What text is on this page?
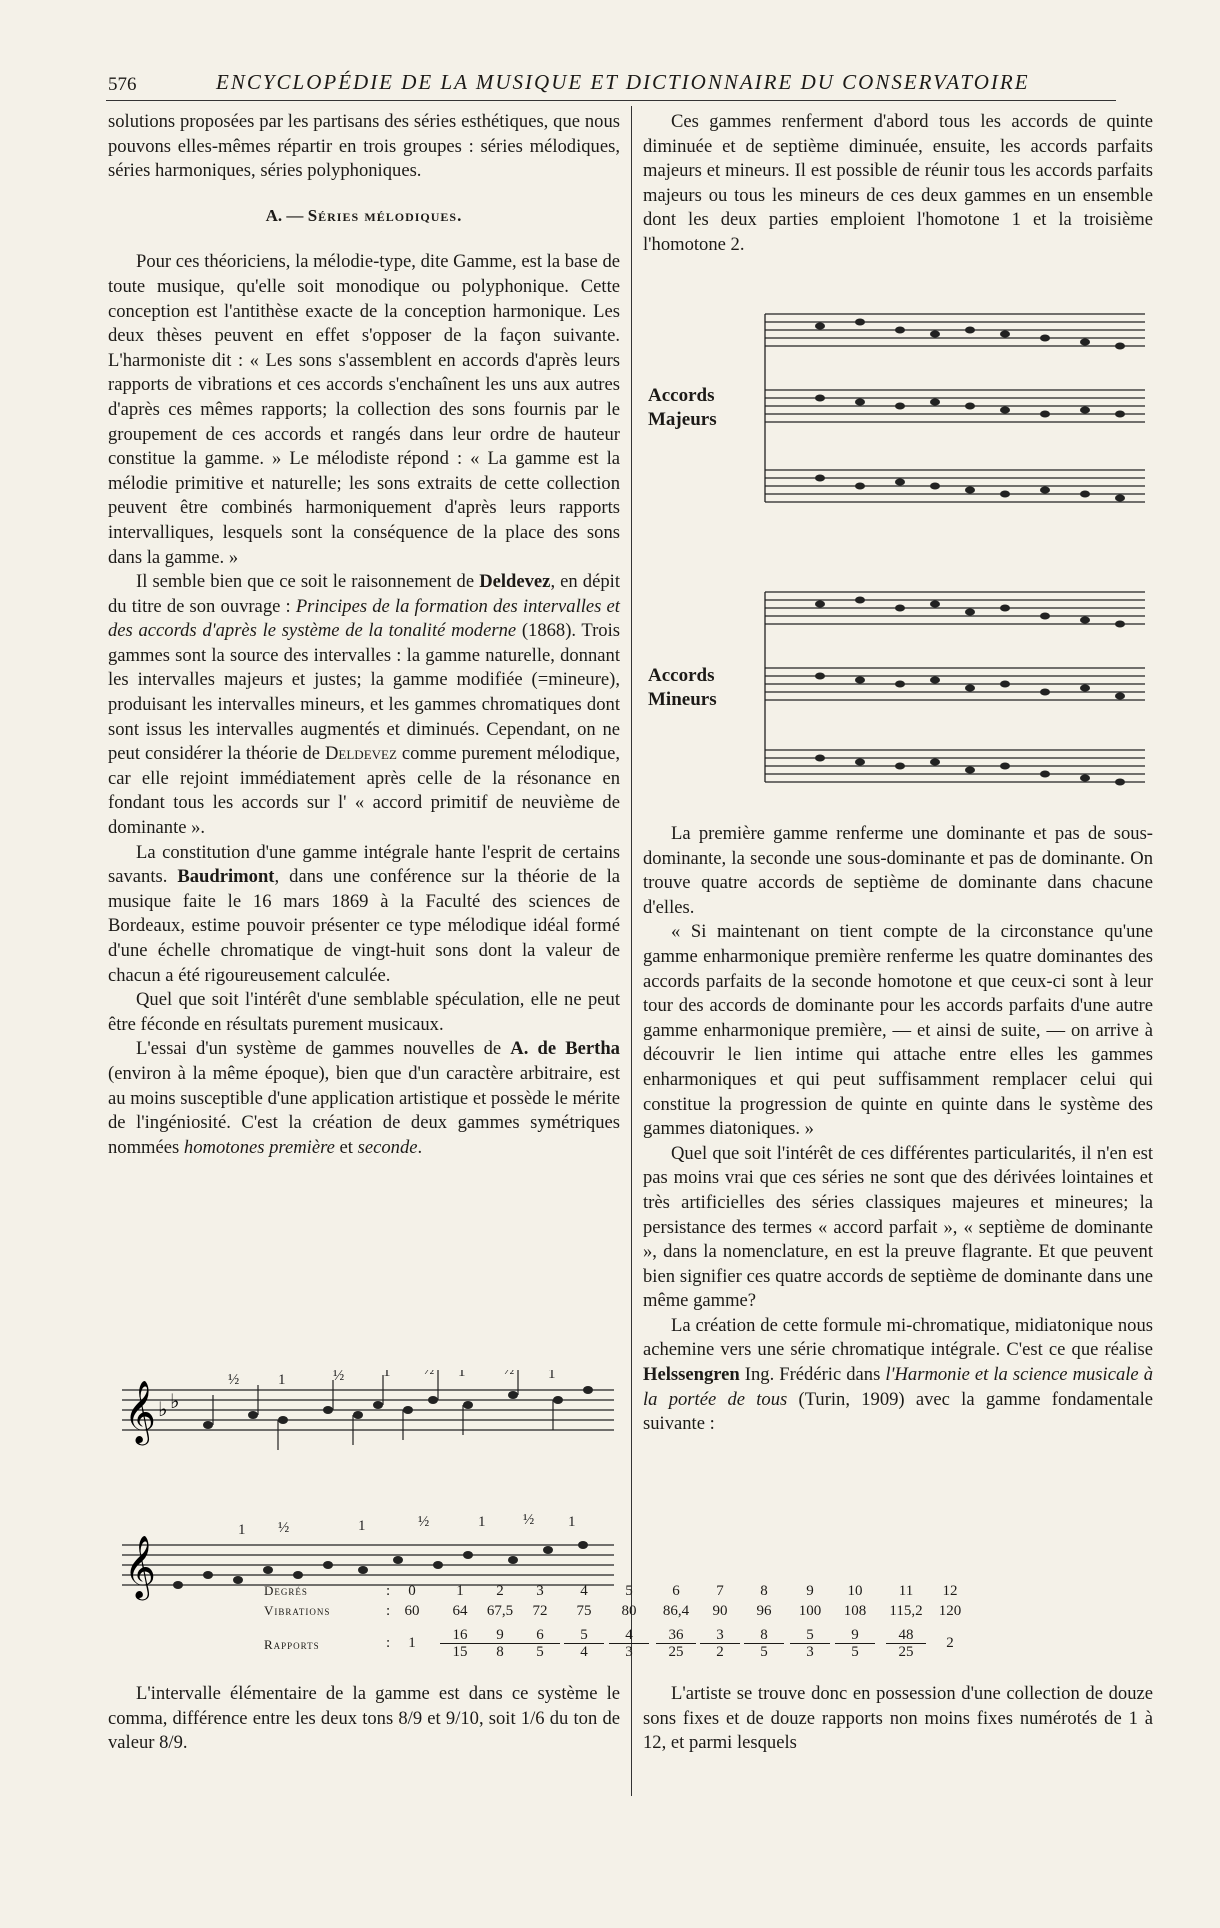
576	ENCYCLOPÉDIE DE LA MUSIQUE ET DICTIONNAIRE DU CONSERVATOIRE

solutions proposées par les partisans des séries esthétiques, que nous pouvons elles-mêmes répartir en trois groupes : séries mélodiques, séries harmoniques, séries polyphoniques.

A. — Séries mélodiques.

Pour ces théoriciens, la mélodie-type, dite Gamme, est la base de toute musique, qu'elle soit monodique ou polyphonique. Cette conception est l'antithèse exacte de la conception harmonique. Les deux thèses peuvent en effet s'opposer de la façon suivante. L'harmoniste dit : « Les sons s'assemblent en accords d'après leurs rapports de vibrations et ces accords s'enchaînent les uns aux autres d'après ces mêmes rapports; la collection des sons fournis par le groupement de ces accords et rangés dans leur ordre de hauteur constitue la gamme. » Le mélodiste répond : « La gamme est la mélodie primitive et naturelle; les sons extraits de cette collection peuvent être combinés harmoniquement d'après leurs rapports intervalliques, lesquels sont la conséquence de la place des sons dans la gamme. »

Il semble bien que ce soit le raisonnement de Deldevez, en dépit du titre de son ouvrage : Principes de la formation des intervalles et des accords d'après le système de la tonalité moderne (1868). Trois gammes sont la source des intervalles : la gamme naturelle, donnant les intervalles majeurs et justes; la gamme modifiée (=mineure), produisant les intervalles mineurs, et les gammes chromatiques dont sont issus les intervalles augmentés et diminués. Cependant, on ne peut considérer la théorie de Deldevez comme purement mélodique, car elle rejoint immédiatement après celle de la résonance en fondant tous les accords sur l' « accord primitif de neuvième de dominante ».

La constitution d'une gamme intégrale hante l'esprit de certains savants. Baudrimont, dans une conférence sur la théorie de la musique faite le 16 mars 1869 à la Faculté des sciences de Bordeaux, estime pouvoir présenter ce type mélodique idéal formé d'une échelle chromatique de vingt-huit sons dont la valeur de chacun a été rigoureusement calculée.

Quel que soit l'intérêt d'une semblable spéculation, elle ne peut être féconde en résultats purement musicaux.

L'essai d'un système de gammes nouvelles de A. de Bertha (environ à la même époque), bien que d'un caractère arbitraire, est au moins susceptible d'une application artistique et possède le mérite de l'ingéniosité. C'est la création de deux gammes symétriques nommées homotones première et seconde.

𝄞
𝄞
♭ ♭
½	1	½	1 ½ 1	½ 1
1 ½	1	½	1	½ 1

Ces gammes renferment d'abord tous les accords de quinte diminuée et de septième diminuée, ensuite, les accords parfaits majeurs et mineurs. Il est possible de réunir tous les accords parfaits majeurs ou tous les mineurs de ces deux gammes en un ensemble dont les deux parties emploient l'homotone 1 et la troisième l'homotone 2.

Accords
Majeurs
Accords
Mineurs

La première gamme renferme une dominante et pas de sous-dominante, la seconde une sous-dominante et pas de dominante. On trouve quatre accords de septième de dominante dans chacune d'elles.

« Si maintenant on tient compte de la circonstance qu'une gamme enharmonique première renferme les quatre dominantes des accords parfaits de la seconde homotone et que ceux-ci sont à leur tour des accords de dominante pour les accords parfaits d'une autre gamme enharmonique première, — et ainsi de suite, — on arrive à découvrir le lien intime qui attache entre elles les gammes enharmoniques et qui peut suffisamment remplacer celui qui constitue la progression de quinte en quinte dans le système des gammes diatoniques. »

Quel que soit l'intérêt de ces différentes particularités, il n'en est pas moins vrai que ces séries ne sont que des dérivées lointaines et très artificielles des séries classiques majeures et mineures; la persistance des termes « accord parfait », « septième de dominante », dans la nomenclature, en est la preuve flagrante. Et que peuvent bien signifier ces quatre accords de septième de dominante dans une même gamme?

La création de cette formule mi-chromatique, midiatonique nous achemine vers une série chromatique intégrale. C'est ce que réalise Helssengren Ing. Frédéric dans l'Harmonie et la science musicale à la portée de tous (Turin, 1909) avec la gamme fondamentale suivante :

Degrés	:	0	1	2	3	4	5	6	7	8	9	10	11	12
Vibrations	: 60	64	67,5	72	75	80	86,4	90	96	100	108	115,2	120
Rapports	:	1	$\frac{16}{15} \frac{9}{8} \frac{6}{5} \frac{5}{4} \frac{4}{3} \frac{36}{25} \frac{3}{2} \frac{8}{5} \frac{5}{3} \frac{9}{5} \frac{48}{25}$	2

L'intervalle élémentaire de la gamme est dans ce système le comma, différence entre les deux tons 8/9 et 9/10, soit 1/6 du ton de valeur 8/9.

L'artiste se trouve donc en possession d'une collection de douze sons fixes et de douze rapports non moins fixes numérotés de 1 à 12, et parmi lesquels
